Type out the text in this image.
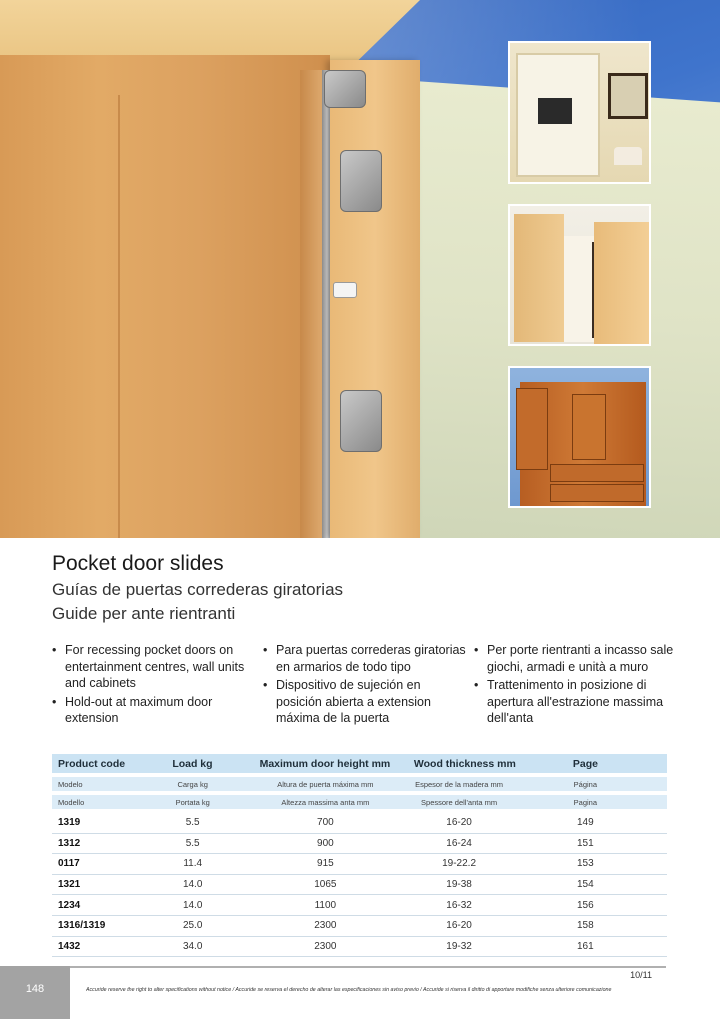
Pocket door slides
Guías de puertas correderas giratorias
Guide per ante rientranti
• For recessing pocket doors on entertainment centres, wall units and cabinets
• Hold-out at maximum door extension
• Para puertas correderas giratorias en armarios de todo tipo
• Dispositivo de sujeción en posición abierta a extension máxima de la puerta
• Per porte rientranti a incasso sale giochi, armadi e unità a muro
• Trattenimento in posizione di apertura all'estrazione massima dell'anta
Product code	Load kg	Maximum door height mm	Wood thickness mm	Page
Modelo	Carga kg	Altura de puerta máxima mm	Espesor de la madera mm	Página
Modello	Portata kg	Altezza massima anta mm	Spessore dell'anta mm	Pagina
1319	5.5	700	16-20	149
1312	5.5	900	16-24	151
0117	11.4	915	19-22.2	153
1321	14.0	1065	19-38	154
1234	14.0	1100	16-32	156
1316/1319	25.0	2300	16-20	158
1432	34.0	2300	19-32	161
148
10/11
Accuride reserve the right to alter specifications without notice / Accuride se reserva el derecho de alterar las especificaciones sin aviso previo / Accuride si riserva il diritto di apportare modifiche senza ulteriore comunicazione
